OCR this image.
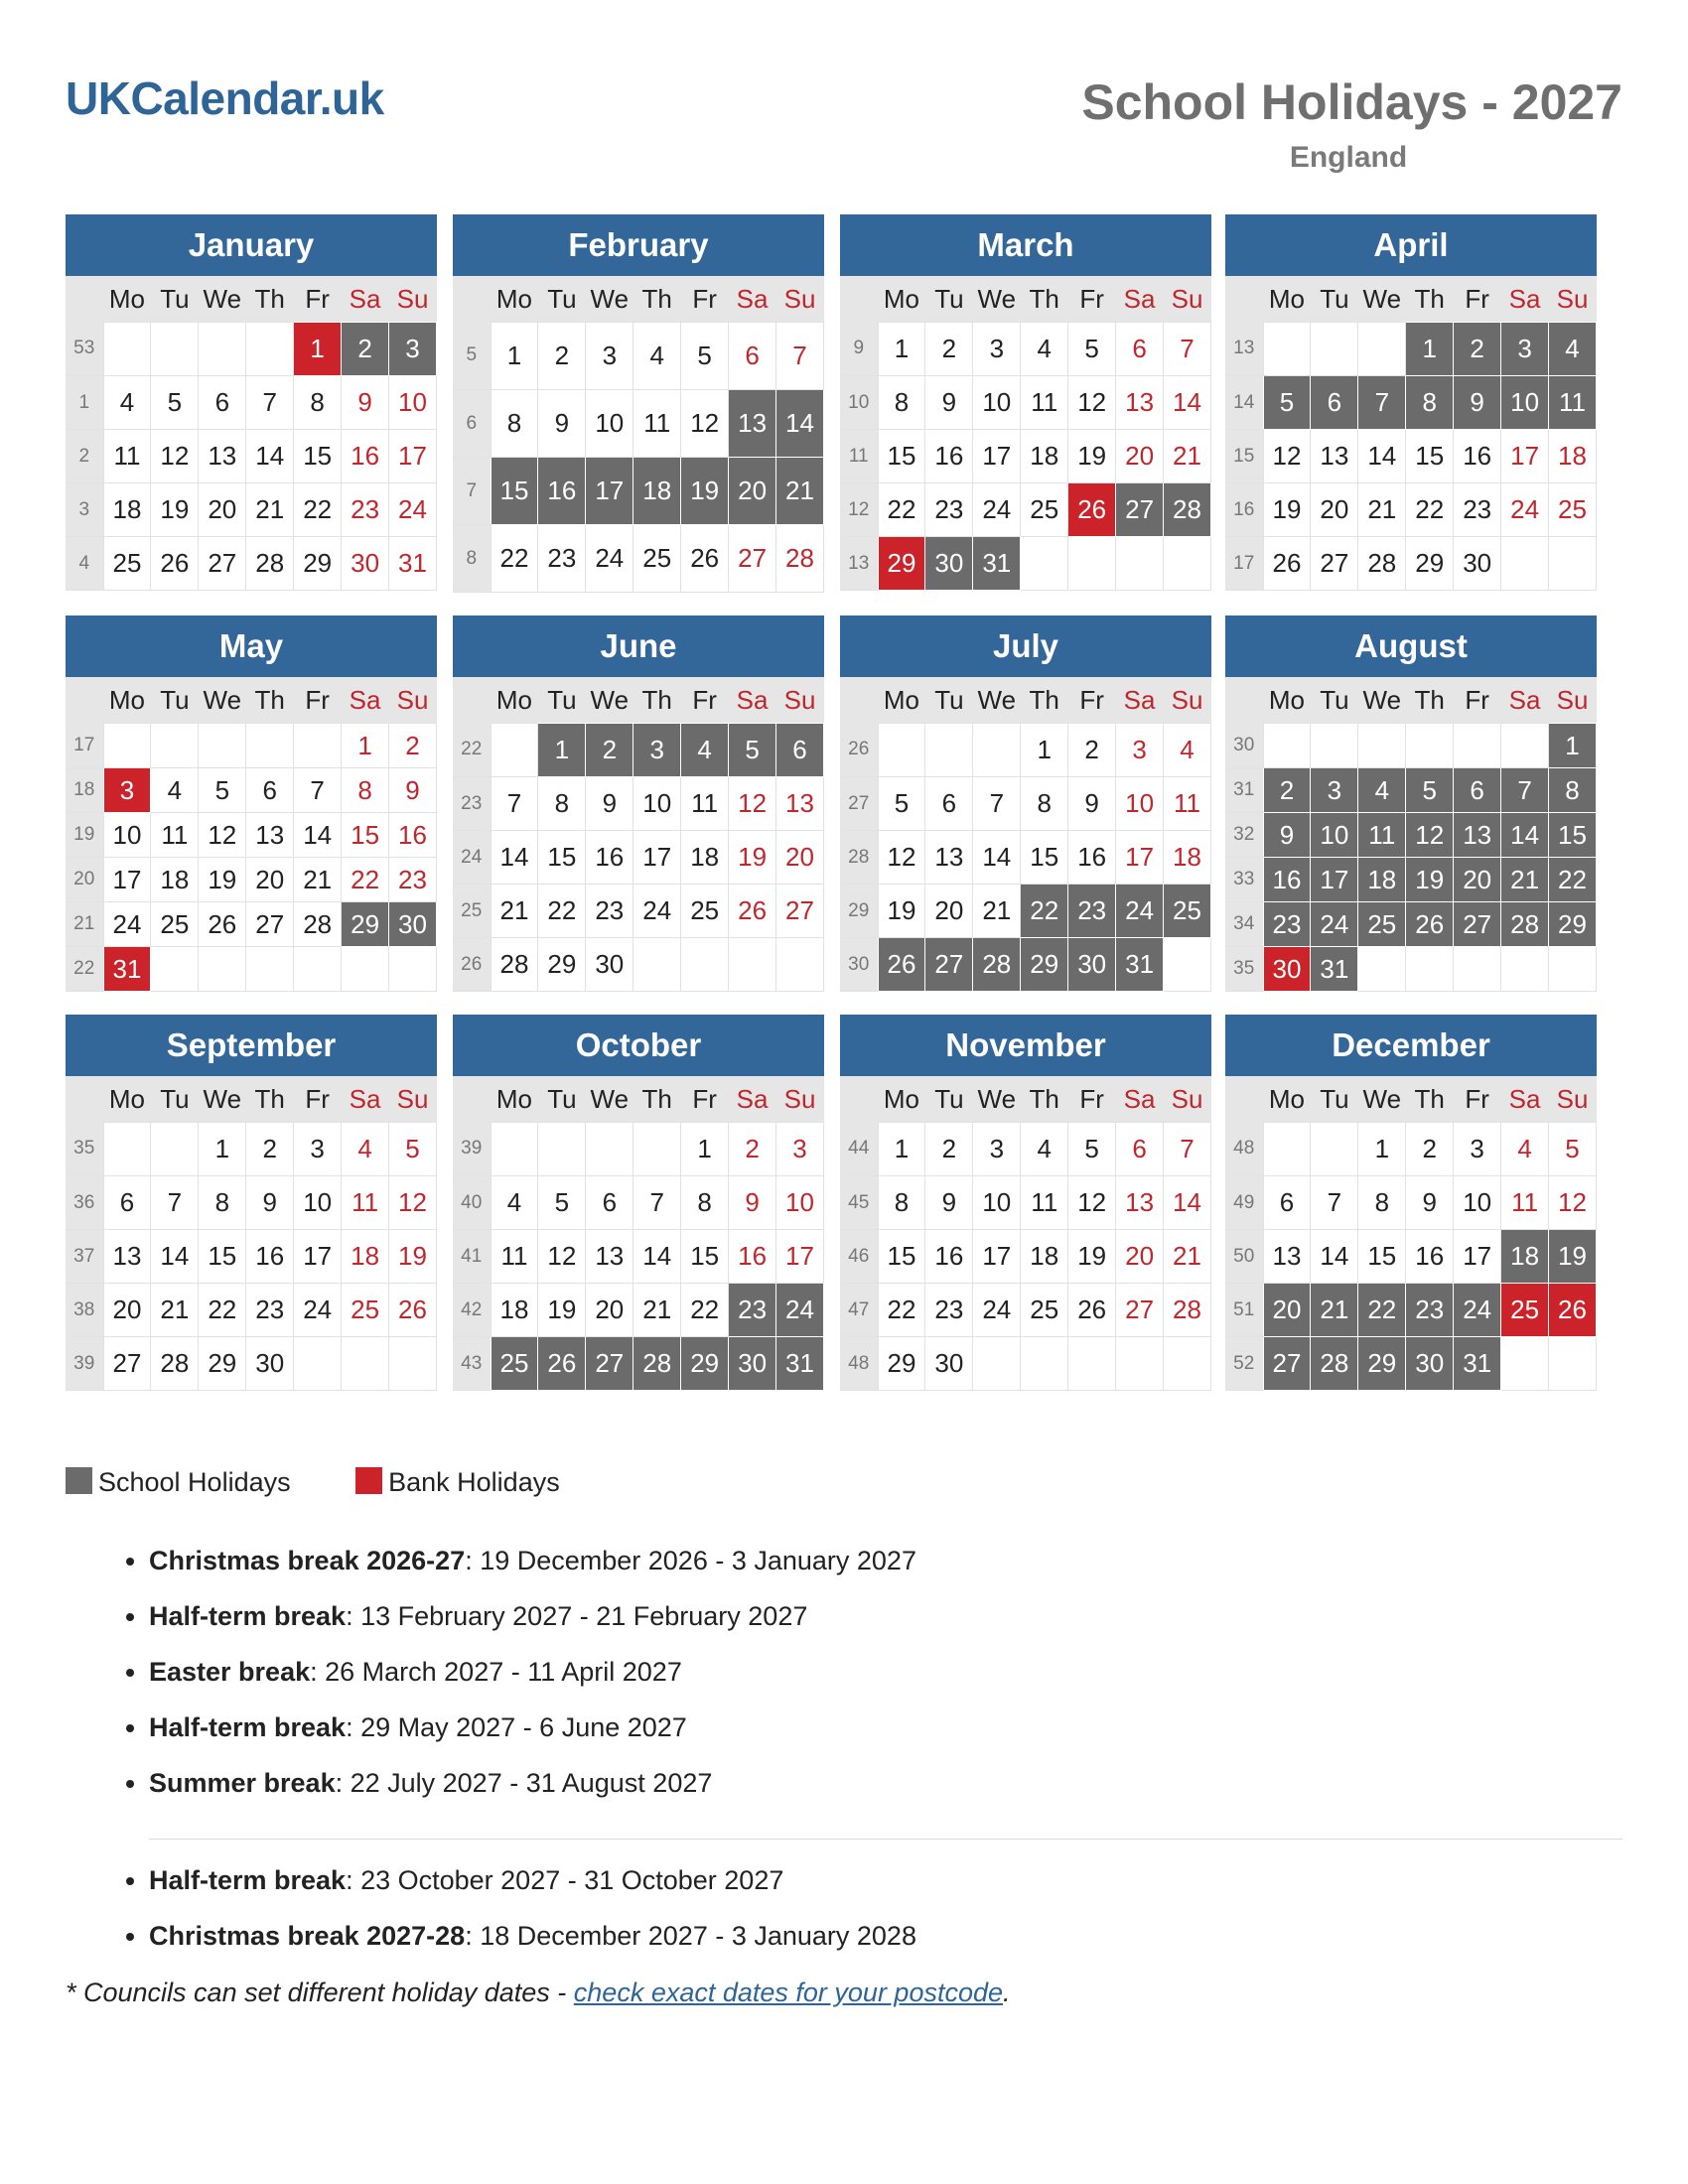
UKCalendar.uk	School Holidays - 2027
England
January
	Mo	Tu	We	Th	Fr	Sa	Su
53					1	2	3
1	4	5	6	7	8	9	10
2	11	12	13	14	15	16	17
3	18	19	20	21	22	23	24
4	25	26	27	28	29	30	31
February
	Mo	Tu	We	Th	Fr	Sa	Su
5	1	2	3	4	5	6	7
6	8	9	10	11	12	13	14
7	15	16	17	18	19	20	21
8	22	23	24	25	26	27	28
March
	Mo	Tu	We	Th	Fr	Sa	Su
9	1	2	3	4	5	6	7
10	8	9	10	11	12	13	14
11	15	16	17	18	19	20	21
12	22	23	24	25	26	27	28
13	29	30	31				
April
	Mo	Tu	We	Th	Fr	Sa	Su
13				1	2	3	4
14	5	6	7	8	9	10	11
15	12	13	14	15	16	17	18
16	19	20	21	22	23	24	25
17	26	27	28	29	30		
May
	Mo	Tu	We	Th	Fr	Sa	Su
17						1	2
18	3	4	5	6	7	8	9
19	10	11	12	13	14	15	16
20	17	18	19	20	21	22	23
21	24	25	26	27	28	29	30
22	31						
June
	Mo	Tu	We	Th	Fr	Sa	Su
22		1	2	3	4	5	6
23	7	8	9	10	11	12	13
24	14	15	16	17	18	19	20
25	21	22	23	24	25	26	27
26	28	29	30				
July
	Mo	Tu	We	Th	Fr	Sa	Su
26				1	2	3	4
27	5	6	7	8	9	10	11
28	12	13	14	15	16	17	18
29	19	20	21	22	23	24	25
30	26	27	28	29	30	31	
August
	Mo	Tu	We	Th	Fr	Sa	Su
30							1
31	2	3	4	5	6	7	8
32	9	10	11	12	13	14	15
33	16	17	18	19	20	21	22
34	23	24	25	26	27	28	29
35	30	31					
September
	Mo	Tu	We	Th	Fr	Sa	Su
35			1	2	3	4	5
36	6	7	8	9	10	11	12
37	13	14	15	16	17	18	19
38	20	21	22	23	24	25	26
39	27	28	29	30			
October
	Mo	Tu	We	Th	Fr	Sa	Su
39					1	2	3
40	4	5	6	7	8	9	10
41	11	12	13	14	15	16	17
42	18	19	20	21	22	23	24
43	25	26	27	28	29	30	31
November
	Mo	Tu	We	Th	Fr	Sa	Su
44	1	2	3	4	5	6	7
45	8	9	10	11	12	13	14
46	15	16	17	18	19	20	21
47	22	23	24	25	26	27	28
48	29	30					
December
	Mo	Tu	We	Th	Fr	Sa	Su
48			1	2	3	4	5
49	6	7	8	9	10	11	12
50	13	14	15	16	17	18	19
51	20	21	22	23	24	25	26
52	27	28	29	30	31		
School Holidays	Bank Holidays
• Christmas break 2026-27: 19 December 2026 - 3 January 2027
• Half-term break: 13 February 2027 - 21 February 2027
• Easter break: 26 March 2027 - 11 April 2027
• Half-term break: 29 May 2027 - 6 June 2027
• Summer break: 22 July 2027 - 31 August 2027
• Half-term break: 23 October 2027 - 31 October 2027
• Christmas break 2027-28: 18 December 2027 - 3 January 2028
* Councils can set different holiday dates - check exact dates for your postcode.
